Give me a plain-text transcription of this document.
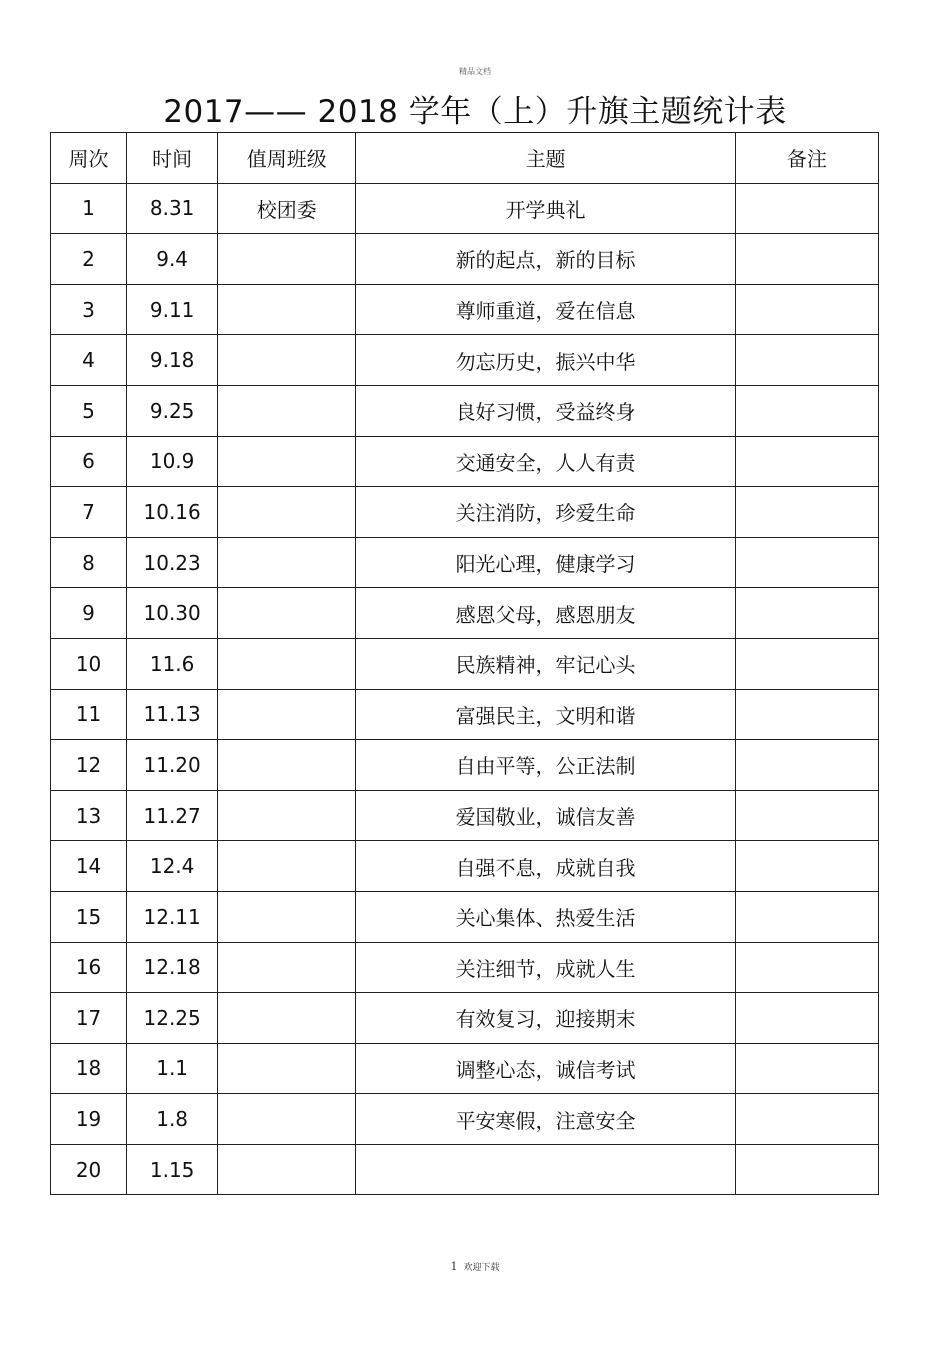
精品文档
2017—— 2018 学年（上）升旗主题统计表
周次	时间	值周班级	主题	备注
1	8.31	校团委	开学典礼	
2	9.4		新的起点，新的目标	
3	9.11		尊师重道，爱在信息	
4	9.18		勿忘历史，振兴中华	
5	9.25		良好习惯，受益终身	
6	10.9		交通安全，人人有责	
7	10.16		关注消防，珍爱生命	
8	10.23		阳光心理，健康学习	
9	10.30		感恩父母，感恩朋友	
10	11.6		民族精神，牢记心头	
11	11.13		富强民主，文明和谐	
12	11.20		自由平等，公正法制	
13	11.27		爱国敬业，诚信友善	
14	12.4		自强不息，成就自我	
15	12.11		关心集体、热爱生活	
16	12.18		关注细节，成就人生	
17	12.25		有效复习，迎接期末	
18	1.1		调整心态，诚信考试	
19	1.8		平安寒假，注意安全	
20	1.15			
1 欢迎下载
